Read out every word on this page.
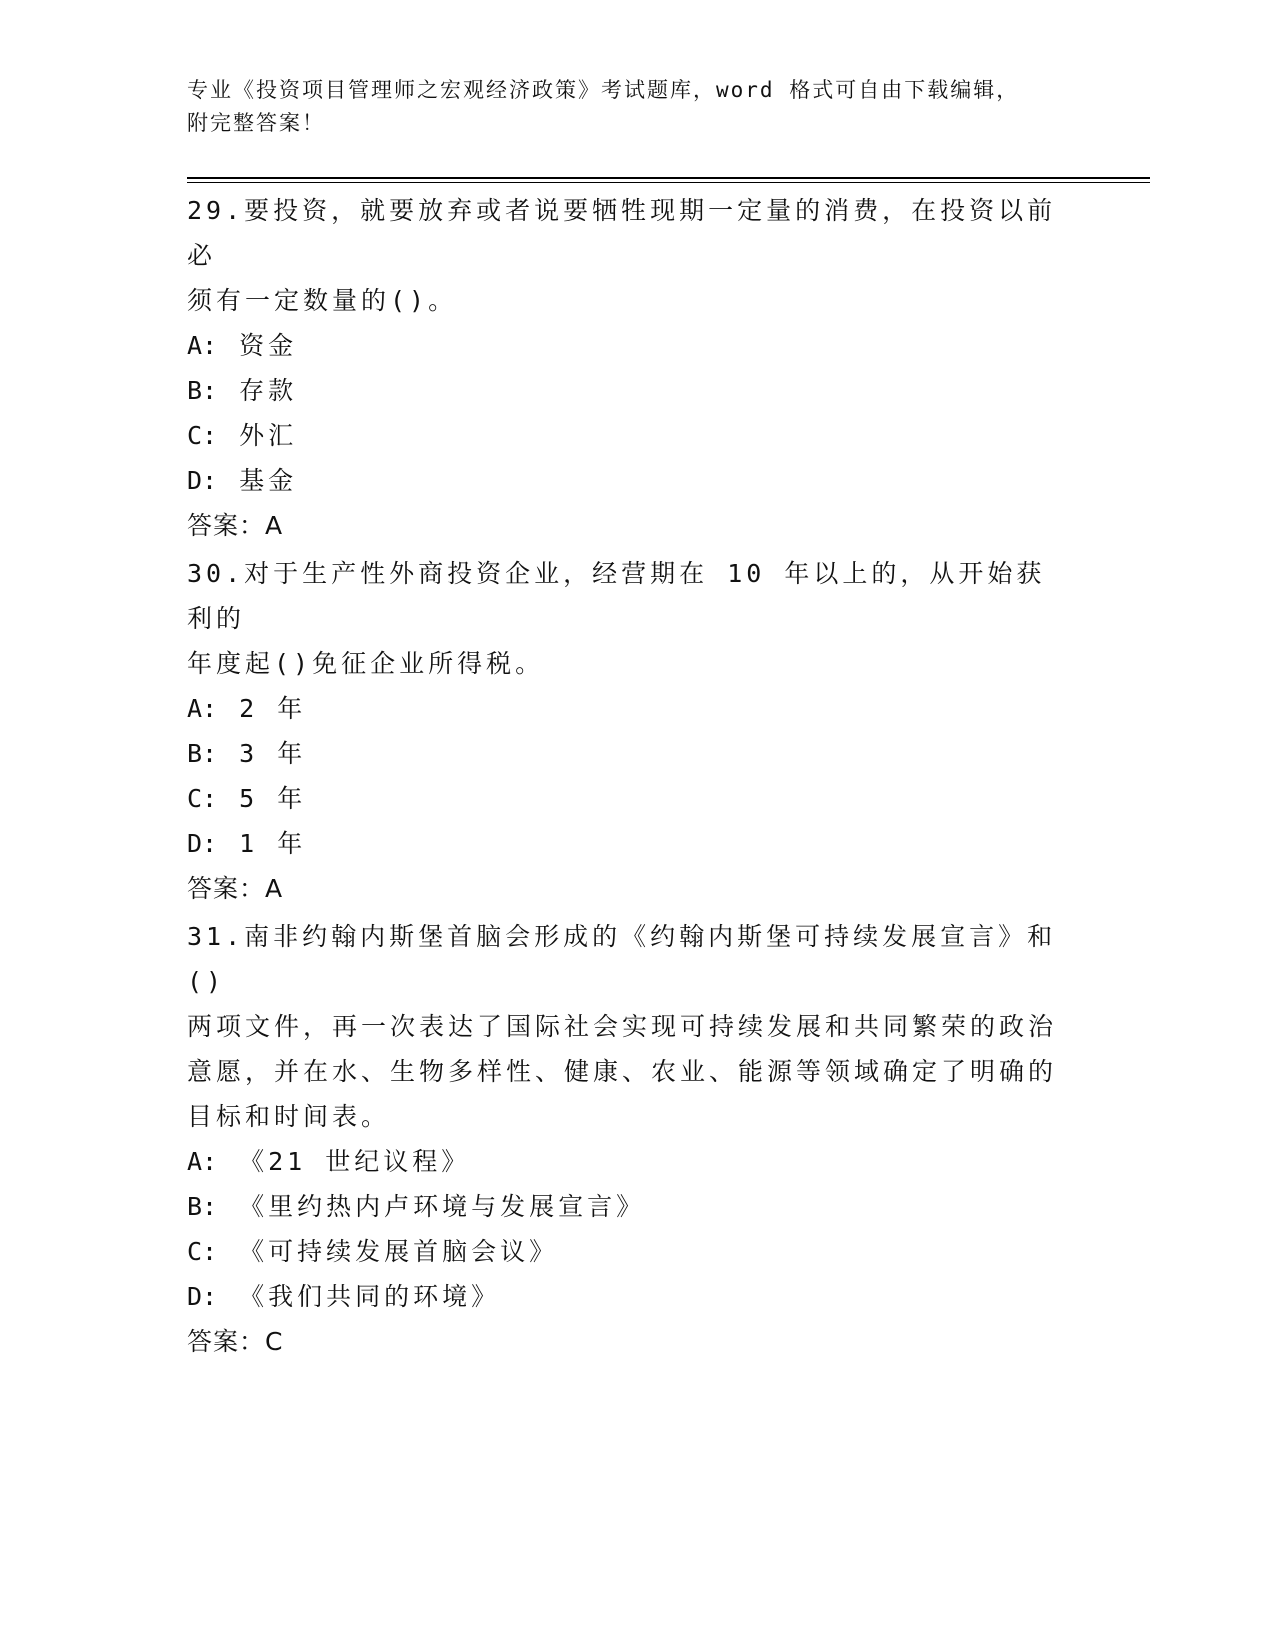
专业《投资项目管理师之宏观经济政策》考试题库，word 格式可自由下载编辑，
附完整答案！

29.要投资，就要放弃或者说要牺牲现期一定量的消费，在投资以前必

须有一定数量的()。

A: 资金

B: 存款

C: 外汇

D: 基金

答案：A

30.对于生产性外商投资企业，经营期在 10 年以上的，从开始获利的

年度起()免征企业所得税。

A: 2 年

B: 3 年

C: 5 年

D: 1 年

答案：A

31.南非约翰内斯堡首脑会形成的《约翰内斯堡可持续发展宣言》和()

两项文件，再一次表达了国际社会实现可持续发展和共同繁荣的政治

意愿，并在水、生物多样性、健康、农业、能源等领域确定了明确的

目标和时间表。

A: 《21 世纪议程》

B: 《里约热内卢环境与发展宣言》

C: 《可持续发展首脑会议》

D: 《我们共同的环境》

答案：C
